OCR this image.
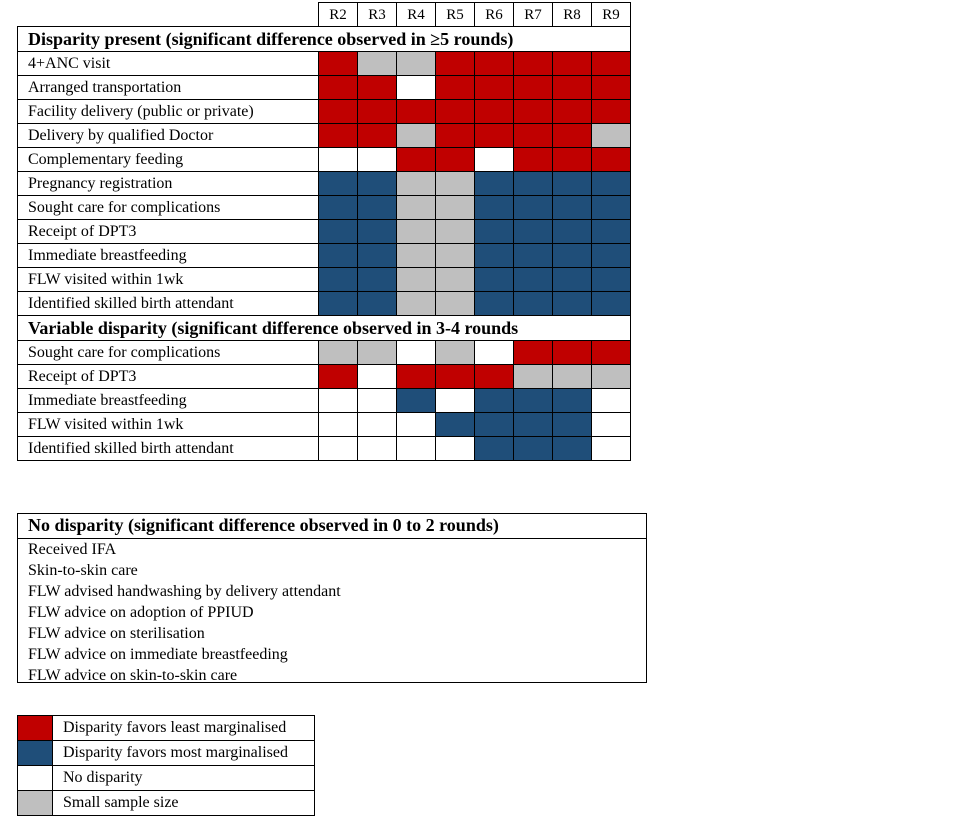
	R2	R3	R4	R5	R6	R7	R8	R9
Disparity present (significant difference observed in ≥5 rounds)								
4+ANC visit								
Arranged transportation								
Facility delivery (public or private)								
Delivery by qualified Doctor								
Complementary feeding								
Pregnancy registration								
Sought care for complications								
Receipt of DPT3								
Immediate breastfeeding								
FLW visited within 1wk								
Identified skilled birth attendant								
Variable disparity (significant difference observed in 3-4 rounds								
Sought care for complications								
Receipt of DPT3								
Immediate breastfeeding								
FLW visited within 1wk								
Identified skilled birth attendant								
No disparity (significant difference observed in 0 to 2 rounds)
Received IFA
Skin-to-skin care
FLW advised handwashing by delivery attendant
FLW advice on adoption of PPIUD
FLW advice on sterilisation
FLW advice on immediate breastfeeding
FLW advice on skin-to-skin care
	Disparity favors least marginalised
	Disparity favors most marginalised
	No disparity
	Small sample size
